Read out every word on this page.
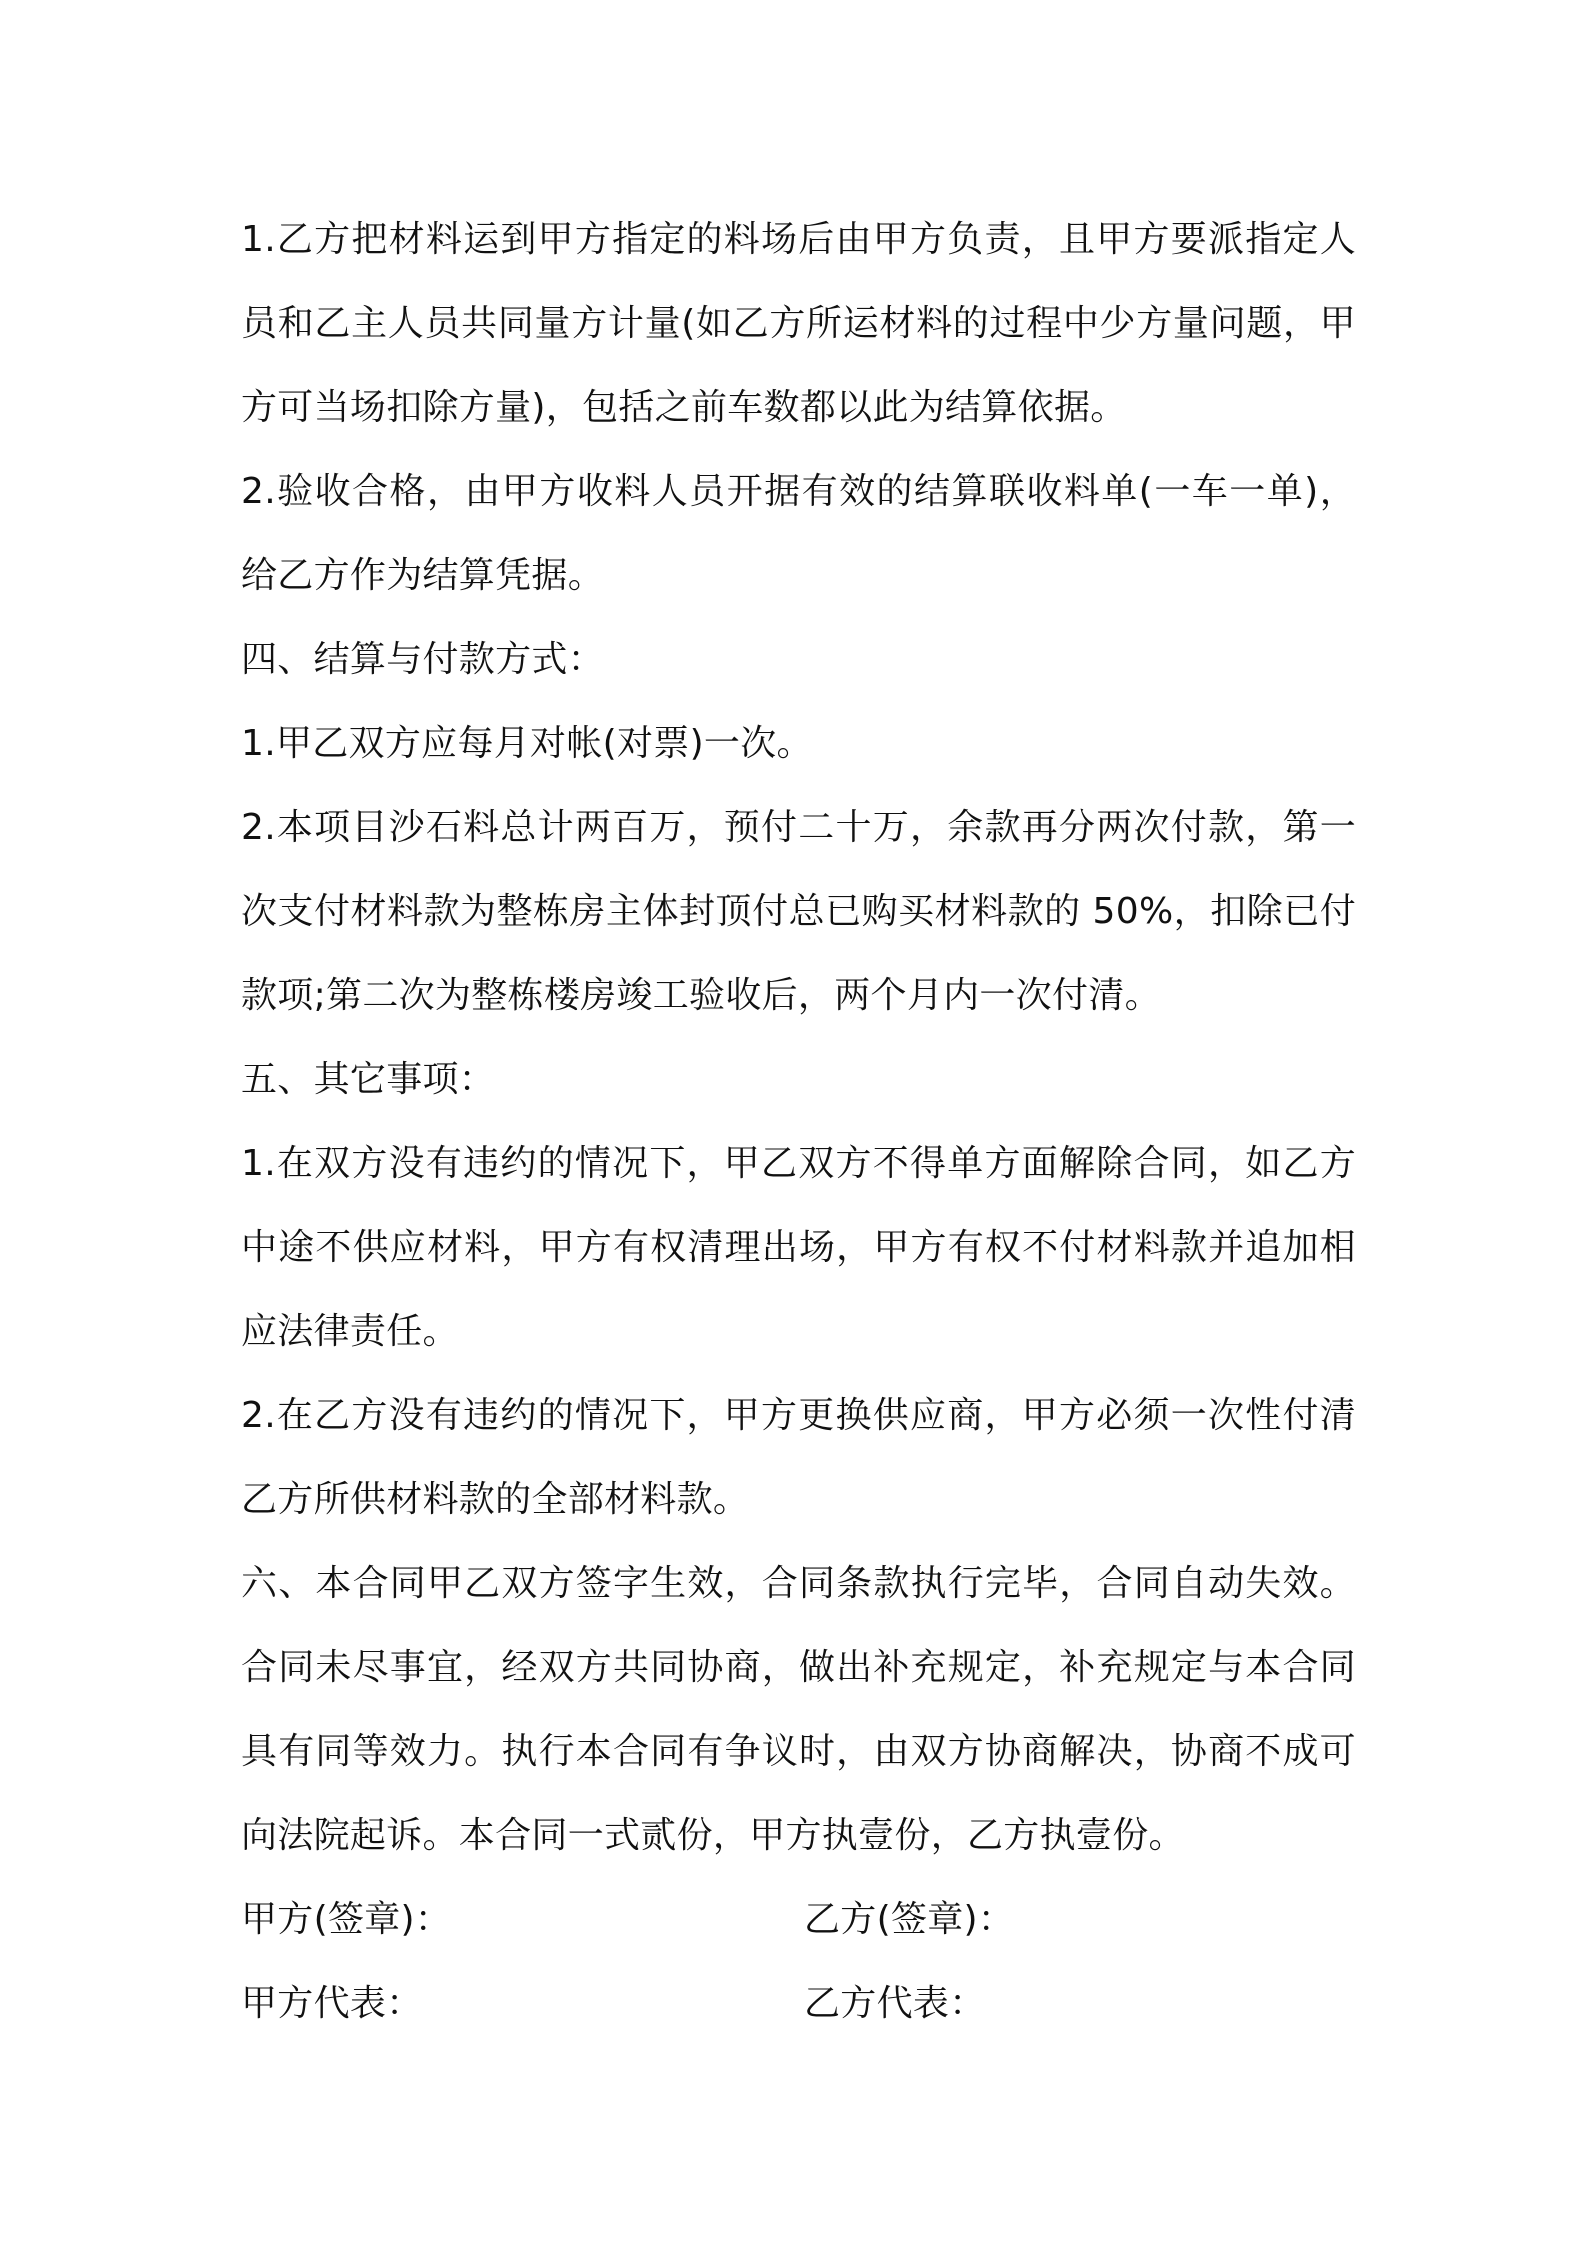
1.乙方把材料运到甲方指定的料场后由甲方负责，且甲方要派指定人员和乙主人员共同量方计量(如乙方所运材料的过程中少方量问题，甲方可当场扣除方量)，包括之前车数都以此为结算依据。

2.验收合格，由甲方收料人员开据有效的结算联收料单(一车一单)，给乙方作为结算凭据。

四、结算与付款方式：

1.甲乙双方应每月对帐(对票)一次。

2.本项目沙石料总计两百万，预付二十万，余款再分两次付款，第一次支付材料款为整栋房主体封顶付总已购买材料款的 50%，扣除已付款项;第二次为整栋楼房竣工验收后，两个月内一次付清。

五、其它事项：

1.在双方没有违约的情况下，甲乙双方不得单方面解除合同，如乙方中途不供应材料，甲方有权清理出场，甲方有权不付材料款并追加相应法律责任。

2.在乙方没有违约的情况下，甲方更换供应商，甲方必须一次性付清乙方所供材料款的全部材料款。

六、本合同甲乙双方签字生效，合同条款执行完毕，合同自动失效。合同未尽事宜，经双方共同协商，做出补充规定，补充规定与本合同具有同等效力。执行本合同有争议时，由双方协商解决，协商不成可向法院起诉。本合同一式贰份，甲方执壹份，乙方执壹份。

甲方(签章)：	乙方(签章)：
甲方代表：	乙方代表：
